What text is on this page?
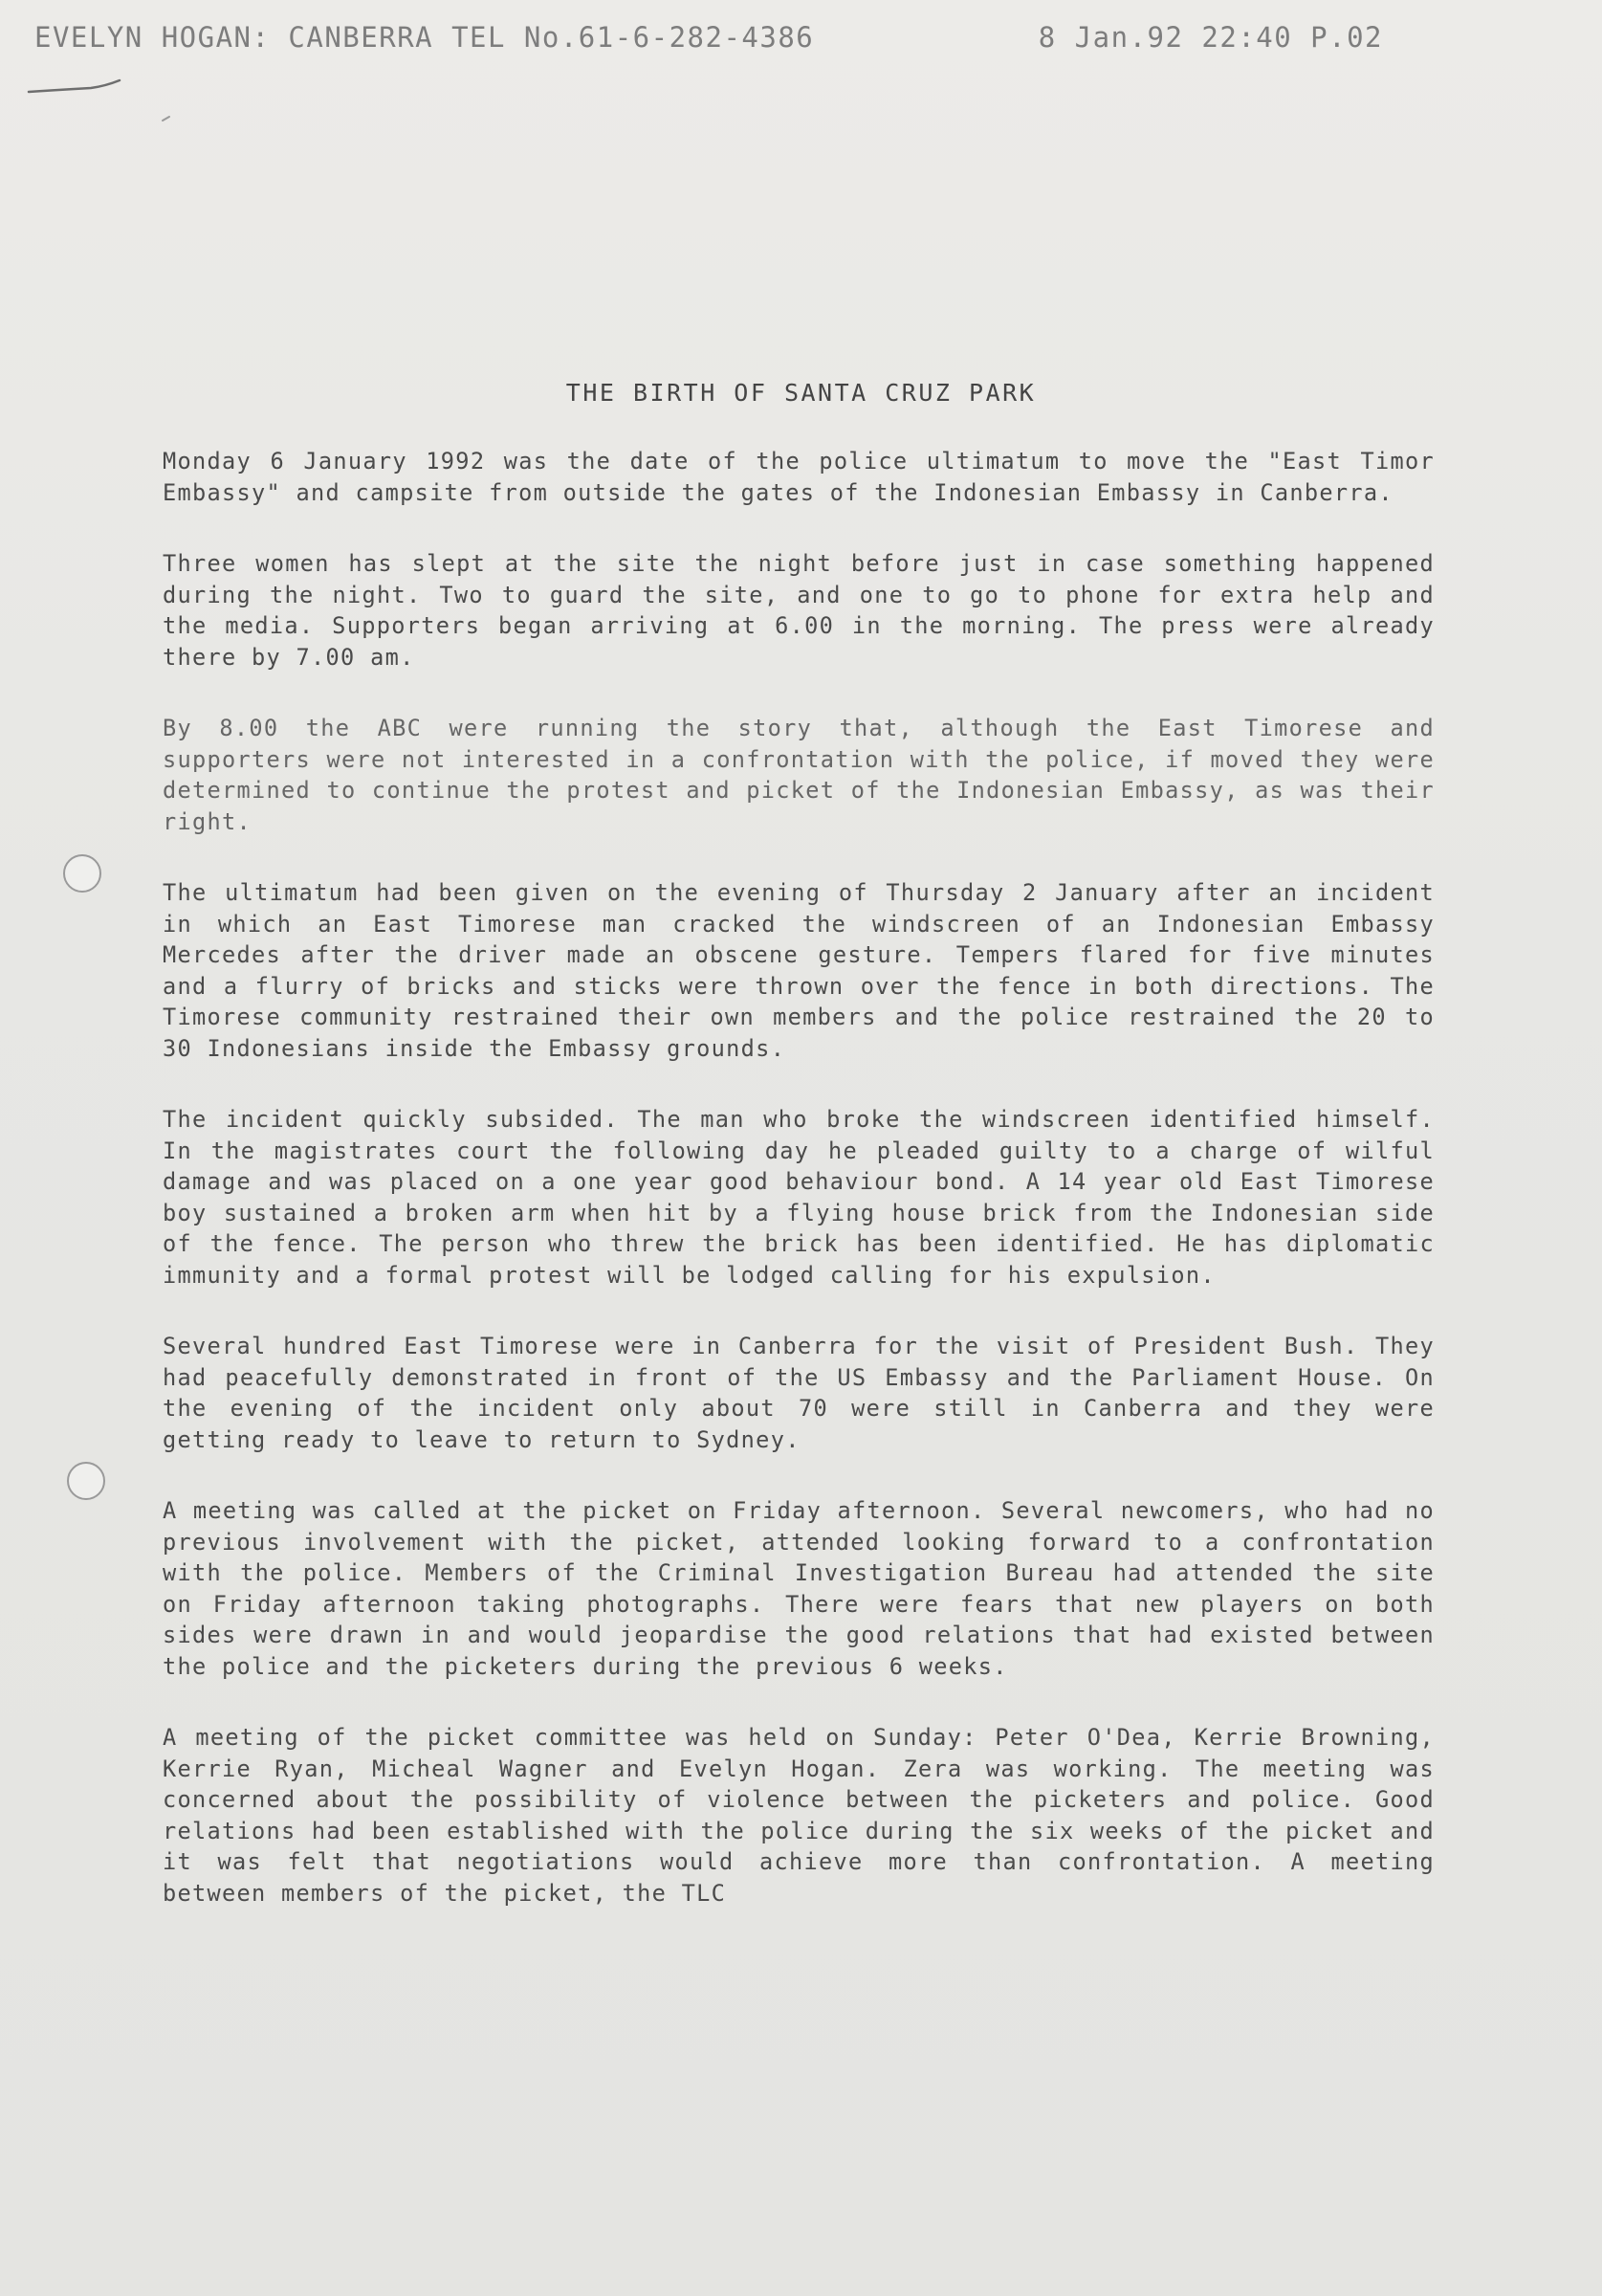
EVELYN HOGAN: CANBERRA TEL No.61-6-282-4386	8 Jan.92 22:40 P.02
THE BIRTH OF SANTA CRUZ PARK

Monday 6 January 1992 was the date of the police ultimatum to move the "East Timor Embassy" and campsite from outside the gates of the Indonesian Embassy in Canberra.

Three women has slept at the site the night before just in case something happened during the night. Two to guard the site, and one to go to phone for extra help and the media. Supporters began arriving at 6.00 in the morning. The press were already there by 7.00 am.

By 8.00 the ABC were running the story that, although the East Timorese and supporters were not interested in a confrontation with the police, if moved they were determined to continue the protest and picket of the Indonesian Embassy, as was their right.

The ultimatum had been given on the evening of Thursday 2 January after an incident in which an East Timorese man cracked the windscreen of an Indonesian Embassy Mercedes after the driver made an obscene gesture. Tempers flared for five minutes and a flurry of bricks and sticks were thrown over the fence in both directions. The Timorese community restrained their own members and the police restrained the 20 to 30 Indonesians inside the Embassy grounds.

The incident quickly subsided. The man who broke the windscreen identified himself. In the magistrates court the following day he pleaded guilty to a charge of wilful damage and was placed on a one year good behaviour bond. A 14 year old East Timorese boy sustained a broken arm when hit by a flying house brick from the Indonesian side of the fence. The person who threw the brick has been identified. He has diplomatic immunity and a formal protest will be lodged calling for his expulsion.

Several hundred East Timorese were in Canberra for the visit of President Bush. They had peacefully demonstrated in front of the US Embassy and the Parliament House. On the evening of the incident only about 70 were still in Canberra and they were getting ready to leave to return to Sydney.

A meeting was called at the picket on Friday afternoon. Several newcomers, who had no previous involvement with the picket, attended looking forward to a confrontation with the police. Members of the Criminal Investigation Bureau had attended the site on Friday afternoon taking photographs. There were fears that new players on both sides were drawn in and would jeopardise the good relations that had existed between the police and the picketers during the previous 6 weeks.

A meeting of the picket committee was held on Sunday: Peter O'Dea, Kerrie Browning, Kerrie Ryan, Micheal Wagner and Evelyn Hogan. Zera was working. The meeting was concerned about the possibility of violence between the picketers and police. Good relations had been established with the police during the six weeks of the picket and it was felt that negotiations would achieve more than confrontation. A meeting between members of the picket, the TLC
